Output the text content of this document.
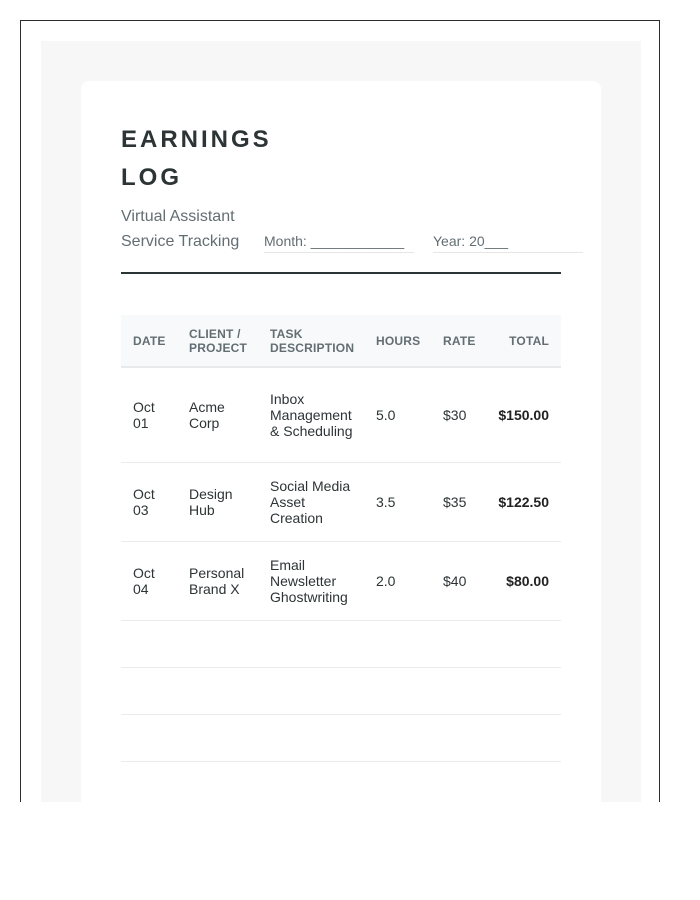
EARNINGS LOG
Virtual Assistant Service Tracking	Month: ____________	Year: 20___
DATE	CLIENT / PROJECT	TASK DESCRIPTION	HOURS	RATE	TOTAL
Oct 01	Acme Corp	Inbox Management & Scheduling	5.0	$30	$150.00
Oct 03	Design Hub	Social Media Asset Creation	3.5	$35	$122.50
Oct 04	Personal Brand X	Email Newsletter Ghostwriting	2.0	$40	$80.00
